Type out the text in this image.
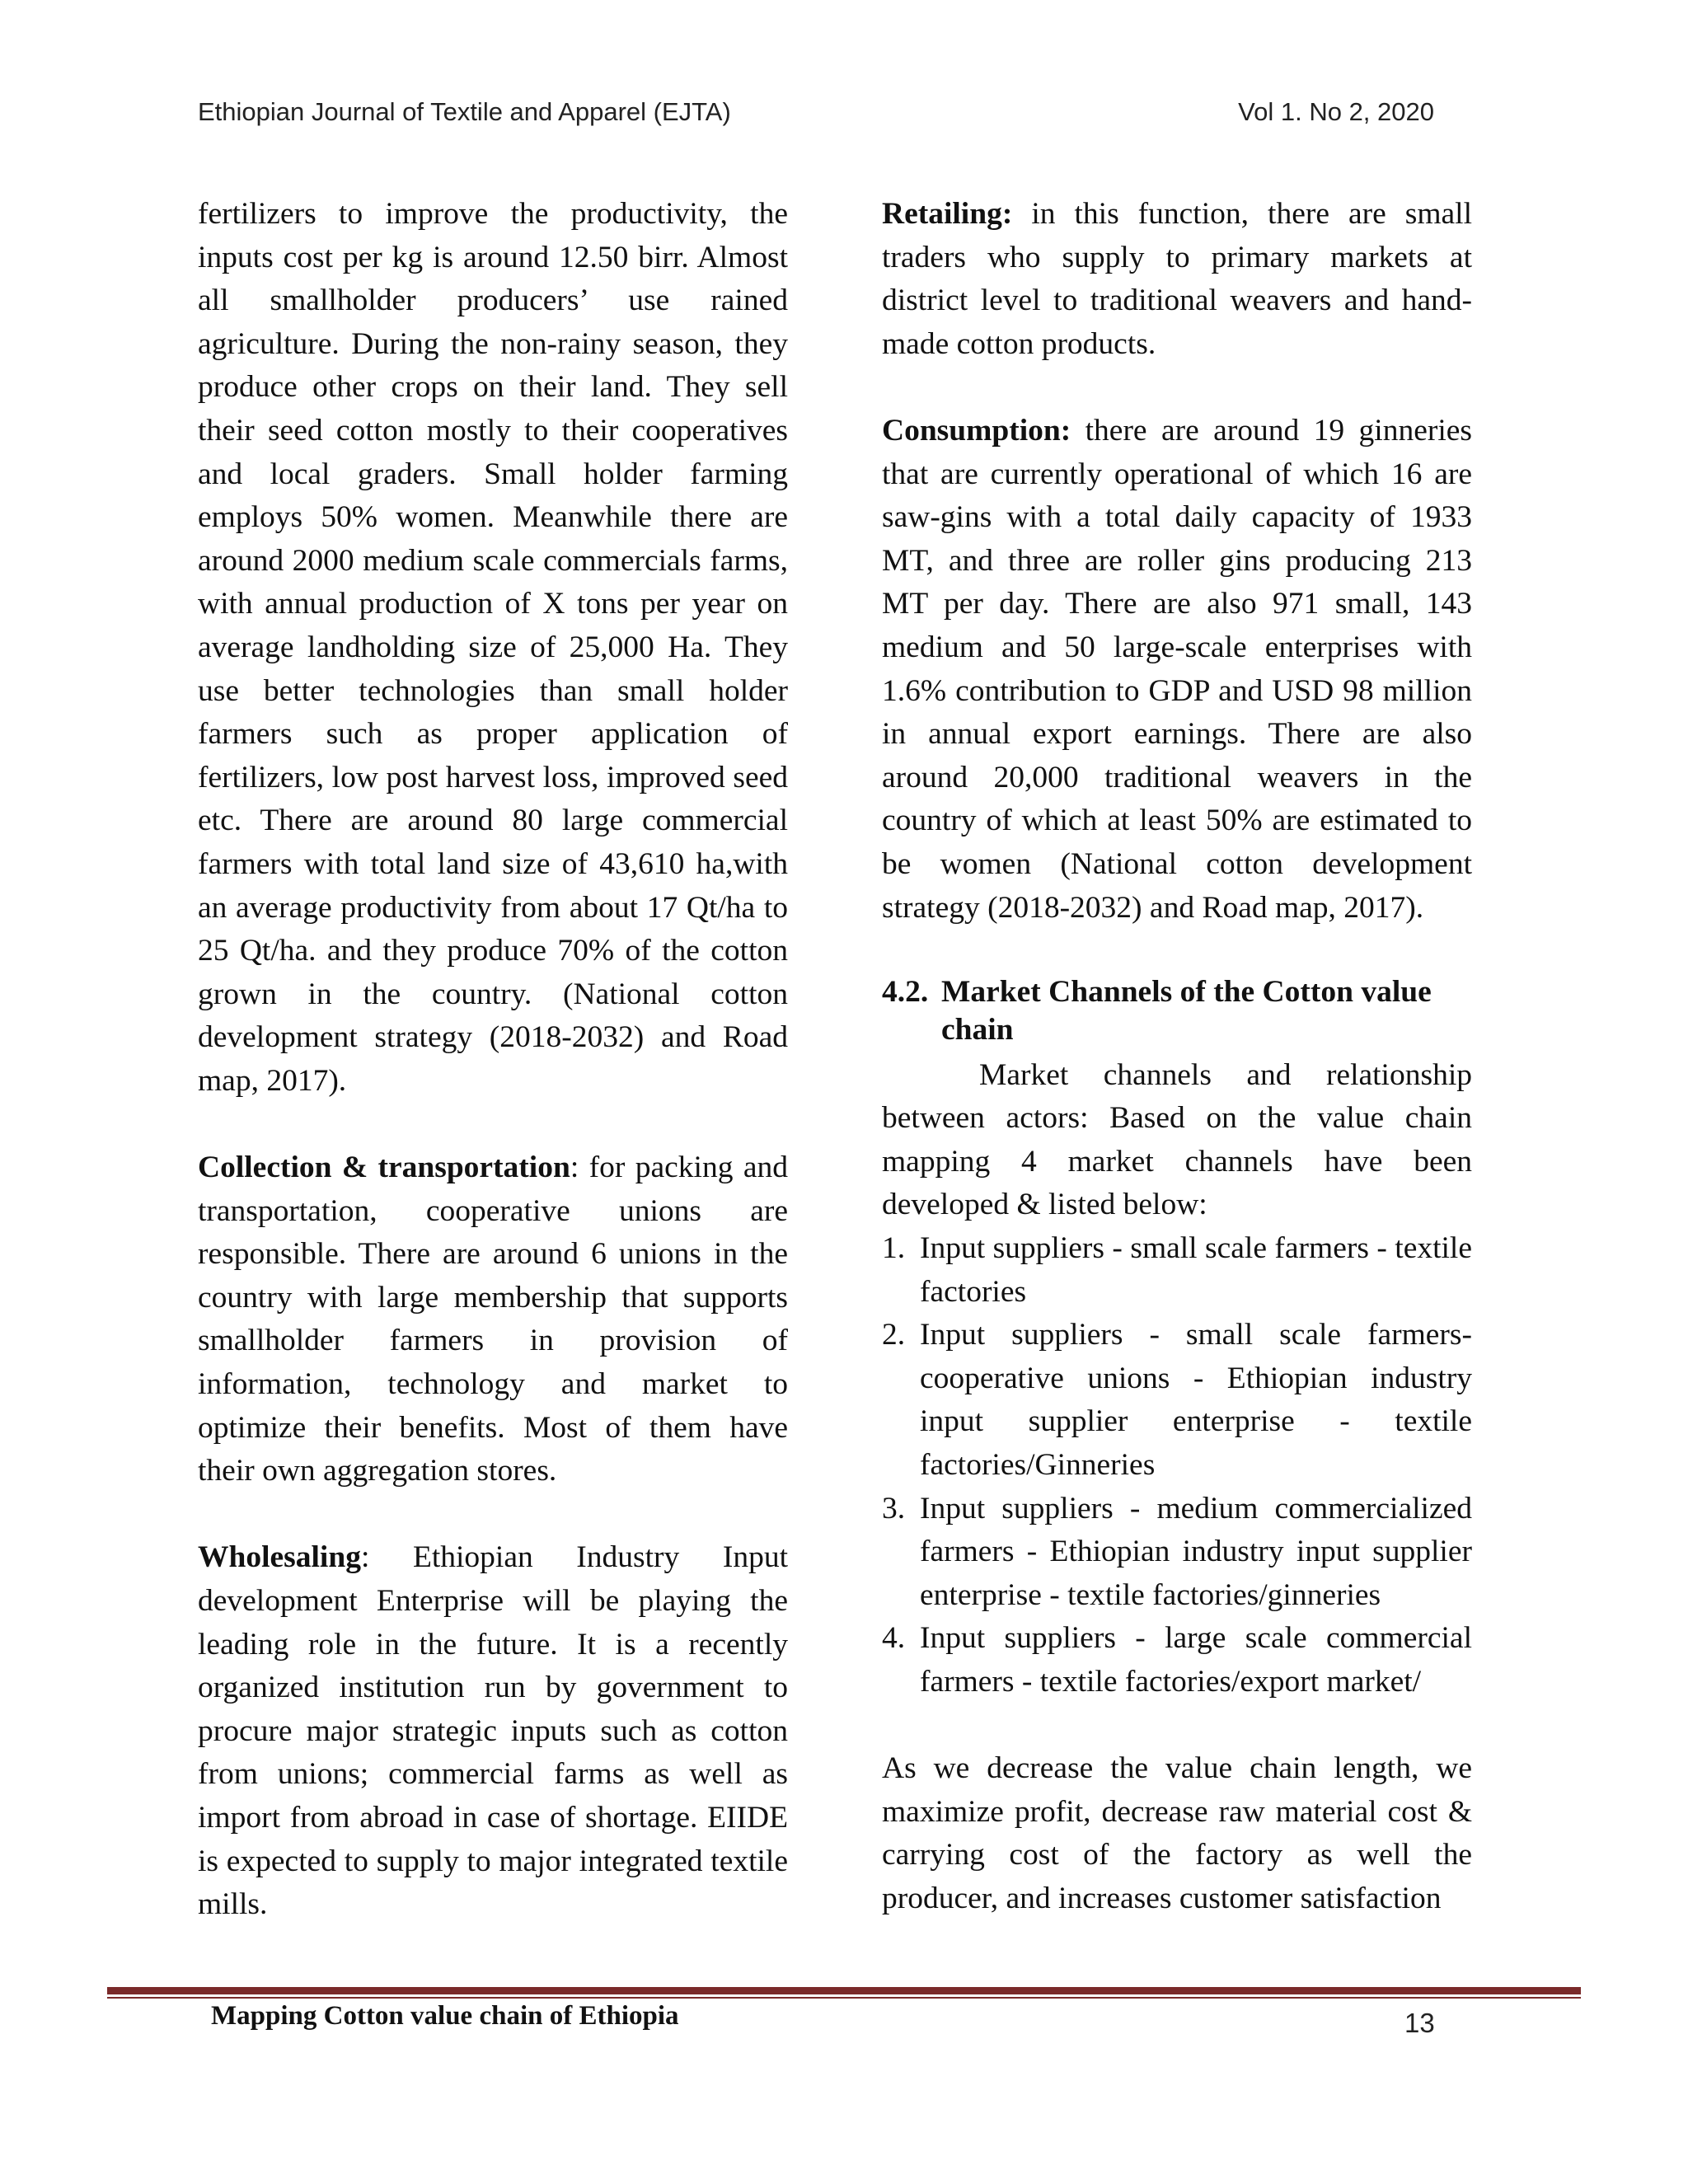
Ethiopian Journal of Textile and Apparel (EJTA)	Vol 1. No 2, 2020

fertilizers to improve the productivity, the inputs cost per kg is around 12.50 birr. Almost all smallholder producers’ use rained agriculture. During the non-rainy season, they produce other crops on their land. They sell their seed cotton mostly to their cooperatives and local graders. Small holder farming employs 50% women. Meanwhile there are around 2000 medium scale commercials farms, with annual production of X tons per year on average landholding size of 25,000 Ha. They use better technologies than small holder farmers such as proper application of fertilizers, low post harvest loss, improved seed etc. There are around 80 large commercial farmers with total land size of 43,610 ha,with an average productivity from about 17 Qt/ha to 25 Qt/ha. and they produce 70% of the cotton grown in the country. (National cotton development strategy (2018-2032) and Road map, 2017).

Collection & transportation: for packing and transportation, cooperative unions are responsible. There are around 6 unions in the country with large membership that supports smallholder farmers in provision of information, technology and market to optimize their benefits. Most of them have their own aggregation stores.

Wholesaling: Ethiopian Industry Input development Enterprise will be playing the leading role in the future. It is a recently organized institution run by government to procure major strategic inputs such as cotton from unions; commercial farms as well as import from abroad in case of shortage. EIIDE is expected to supply to major integrated textile mills.

Retailing: in this function, there are small traders who supply to primary markets at district level to traditional weavers and hand-made cotton products.

Consumption: there are around 19 ginneries that are currently operational of which 16 are saw-gins with a total daily capacity of 1933 MT, and three are roller gins producing 213 MT per day. There are also 971 small, 143 medium and 50 large-scale enterprises with 1.6% contribution to GDP and USD 98 million in annual export earnings. There are also around 20,000 traditional weavers in the country of which at least 50% are estimated to be women (National cotton development strategy (2018-2032) and Road map, 2017).

4.2. Market Channels of the Cotton value chain

Market channels and relationship between actors: Based on the value chain mapping 4 market channels have been developed & listed below:

1. Input suppliers - small scale farmers - textile factories
2. Input suppliers - small scale farmers- cooperative unions - Ethiopian industry input supplier enterprise - textile factories/Ginneries
3. Input suppliers - medium commercialized farmers - Ethiopian industry input supplier enterprise - textile factories/ginneries
4. Input suppliers - large scale commercial farmers - textile factories/export market/

As we decrease the value chain length, we maximize profit, decrease raw material cost & carrying cost of the factory as well the producer, and increases customer satisfaction

Mapping Cotton value chain of Ethiopia	13
